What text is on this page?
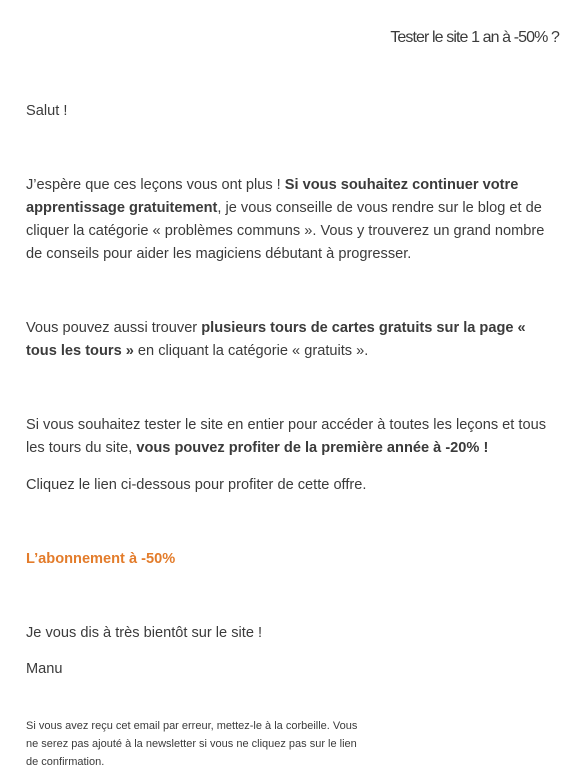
Tester le site 1 an à -50% ?

Salut !

J’espère que ces leçons vous ont plus ! Si vous souhaitez continuer votre apprentissage gratuitement, je vous conseille de vous rendre sur le blog et de cliquer la catégorie « problèmes communs ». Vous y trouverez un grand nombre de conseils pour aider les magiciens débutant à progresser.

Vous pouvez aussi trouver plusieurs tours de cartes gratuits sur la page « tous les tours » en cliquant la catégorie « gratuits ».

Si vous souhaitez tester le site en entier pour accéder à toutes les leçons et tous les tours du site, vous pouvez profiter de la première année à -20% !

Cliquez le lien ci-dessous pour profiter de cette offre.

L’abonnement à -50%

Je vous dis à très bientôt sur le site !

Manu

Si vous avez reçu cet email par erreur, mettez-le à la corbeille. Vous ne serez pas ajouté à la newsletter si vous ne cliquez pas sur le lien de confirmation.
